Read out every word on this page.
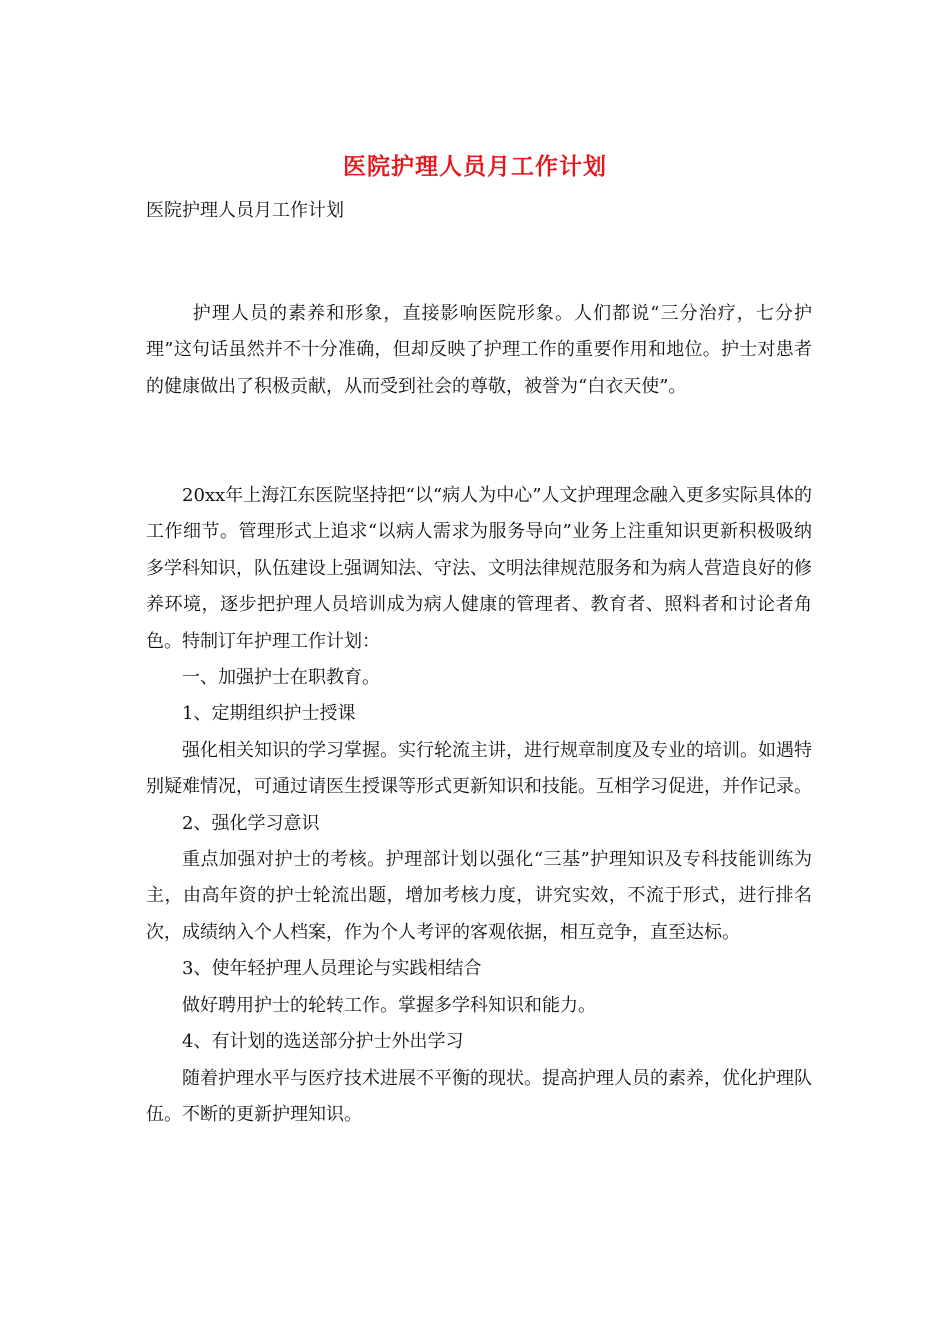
医院护理人员月工作计划
医院护理人员月工作计划

护理人员的素养和形象，直接影响医院形象。人们都说“三分治疗，七分护理”这句话虽然并不十分准确，但却反映了护理工作的重要作用和地位。护士对患者的健康做出了积极贡献，从而受到社会的尊敬，被誉为“白衣天使”。

20xx年上海江东医院坚持把“以“病人为中心”人文护理理念融入更多实际具体的工作细节。管理形式上追求“以病人需求为服务导向”业务上注重知识更新积极吸纳多学科知识，队伍建设上强调知法、守法、文明法律规范服务和为病人营造良好的修养环境，逐步把护理人员培训成为病人健康的管理者、教育者、照料者和讨论者角色。特制订年护理工作计划：

一、加强护士在职教育。

1、定期组织护士授课

强化相关知识的学习掌握。实行轮流主讲，进行规章制度及专业的培训。如遇特别疑难情况，可通过请医生授课等形式更新知识和技能。互相学习促进，并作记录。

2、强化学习意识

重点加强对护士的考核。护理部计划以强化“三基”护理知识及专科技能训练为主，由高年资的护士轮流出题，增加考核力度，讲究实效，不流于形式，进行排名次，成绩纳入个人档案，作为个人考评的客观依据，相互竞争，直至达标。

3、使年轻护理人员理论与实践相结合

做好聘用护士的轮转工作。掌握多学科知识和能力。

4、有计划的选送部分护士外出学习

随着护理水平与医疗技术进展不平衡的现状。提高护理人员的素养，优化护理队伍。不断的更新护理知识。
